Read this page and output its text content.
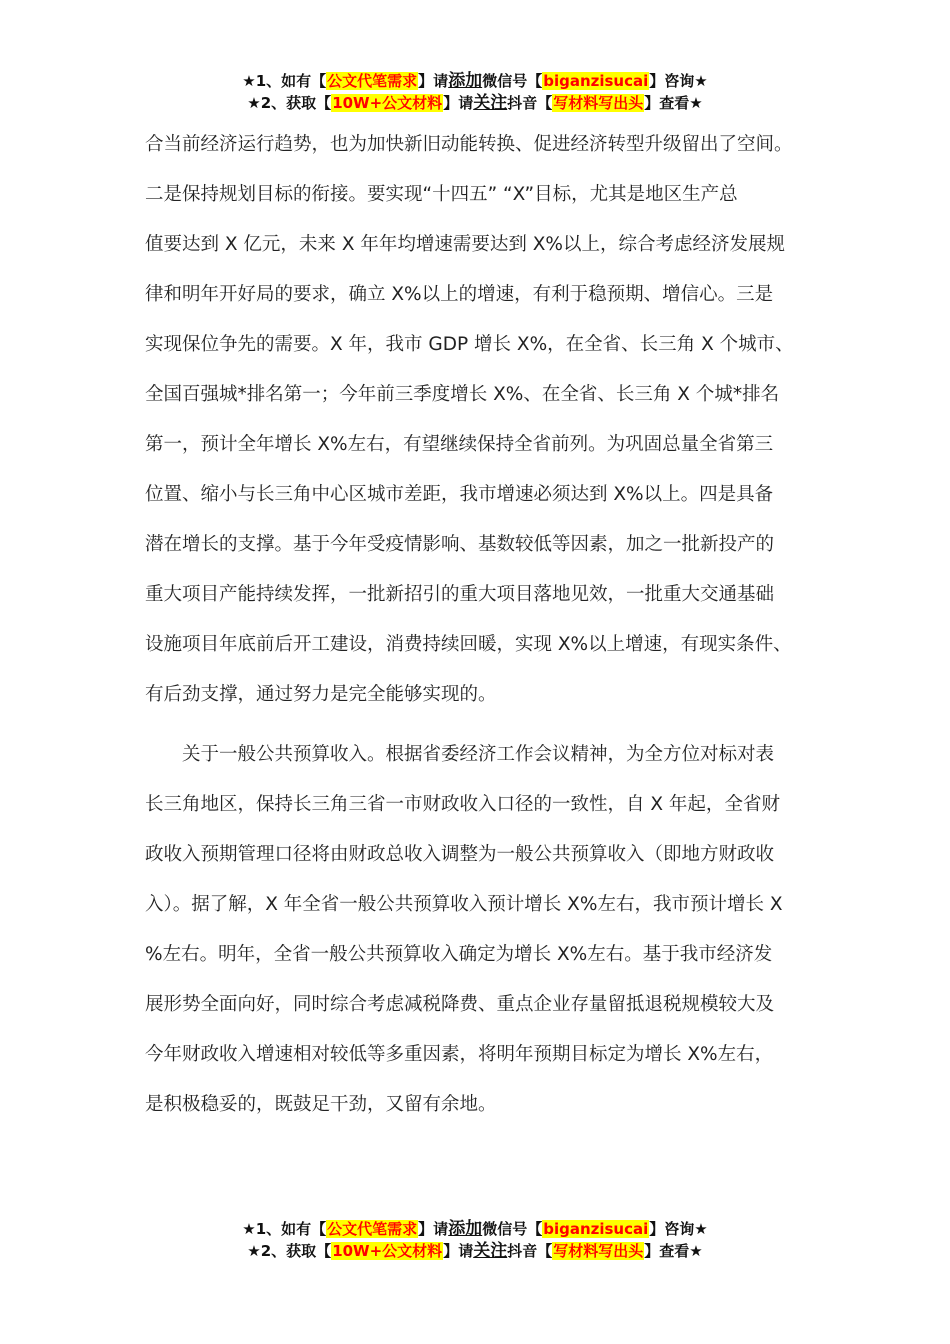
★1、如有【公文代笔需求】请添加微信号【biganzisucai】咨询★
★2、获取【10W+公文材料】请关注抖音【写材料写出头】查看★
合当前经济运行趋势，也为加快新旧动能转换、促进经济转型升级留出了空间。
二是保持规划目标的衔接。要实现“十四五” “X”目标，尤其是地区生产总
值要达到 X 亿元，未来 X 年年均增速需要达到 X%以上，综合考虑经济发展规
律和明年开好局的要求，确立 X%以上的增速，有利于稳预期、增信心。三是
实现保位争先的需要。X 年，我市 GDP 增长 X%，在全省、长三角 X 个城市、
全国百强城*排名第一；今年前三季度增长 X%、在全省、长三角 X 个城*排名
第一，预计全年增长 X%左右，有望继续保持全省前列。为巩固总量全省第三
位置、缩小与长三角中心区城市差距，我市增速必须达到 X%以上。四是具备
潜在增长的支撑。基于今年受疫情影响、基数较低等因素，加之一批新投产的
重大项目产能持续发挥，一批新招引的重大项目落地见效，一批重大交通基础
设施项目年底前后开工建设，消费持续回暖，实现 X%以上增速，有现实条件、
有后劲支撑，通过努力是完全能够实现的。
关于一般公共预算收入。根据省委经济工作会议精神，为全方位对标对表
长三角地区，保持长三角三省一市财政收入口径的一致性，自 X 年起，全省财
政收入预期管理口径将由财政总收入调整为一般公共预算收入（即地方财政收
入）。据了解，X 年全省一般公共预算收入预计增长 X%左右，我市预计增长 X
%左右。明年，全省一般公共预算收入确定为增长 X%左右。基于我市经济发
展形势全面向好，同时综合考虑减税降费、重点企业存量留抵退税规模较大及
今年财政收入增速相对较低等多重因素，将明年预期目标定为增长 X%左右，
是积极稳妥的，既鼓足干劲，又留有余地。
★1、如有【公文代笔需求】请添加微信号【biganzisucai】咨询★
★2、获取【10W+公文材料】请关注抖音【写材料写出头】查看★
